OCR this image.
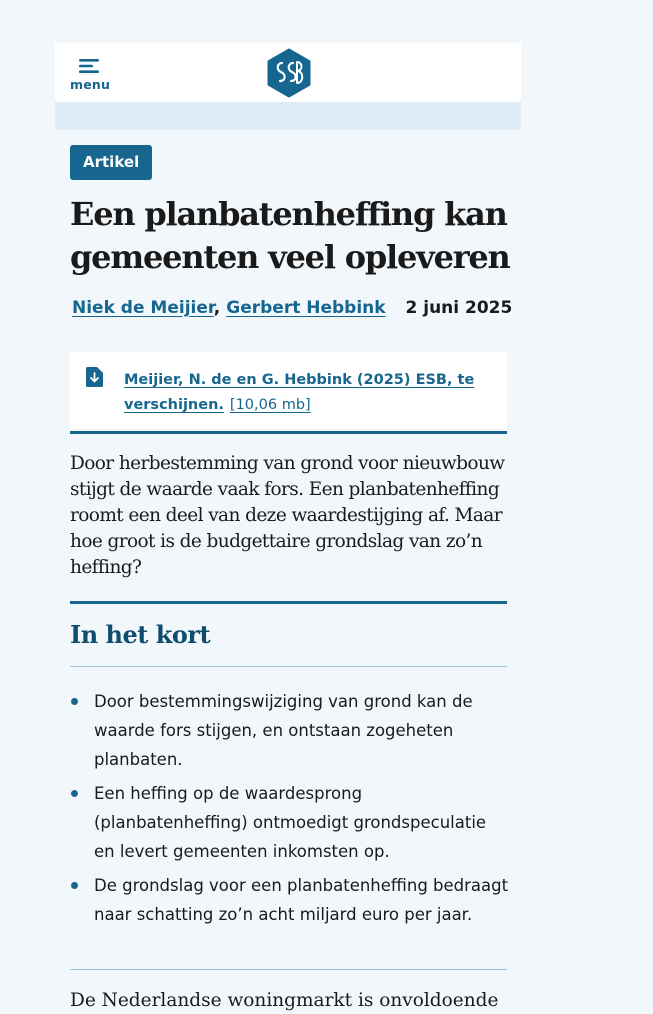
menu
Artikel
Een planbatenheffing kan gemeenten veel opleveren
Niek de Meijier, Gerbert Hebbink 2 juni 2025
Meijier, N. de en G. Hebbink (2025) ESB, te verschijnen. [10,06 mb]

Door herbestemming van grond voor nieuwbouw stijgt de waarde vaak fors. Een planbatenheffing roomt een deel van deze waardestijging af. Maar hoe groot is de budgettaire grondslag van zo’n heffing?

In het kort
Door bestemmingswijziging van grond kan de waarde fors stijgen, en ontstaan zogeheten planbaten.
Een heffing op de waardesprong (planbatenheffing) ontmoedigt grondspeculatie en levert gemeenten inkomsten op.
De grondslag voor een planbatenheffing bedraagt naar schatting zo’n acht miljard euro per jaar.

De Nederlandse woningmarkt is onvoldoende
